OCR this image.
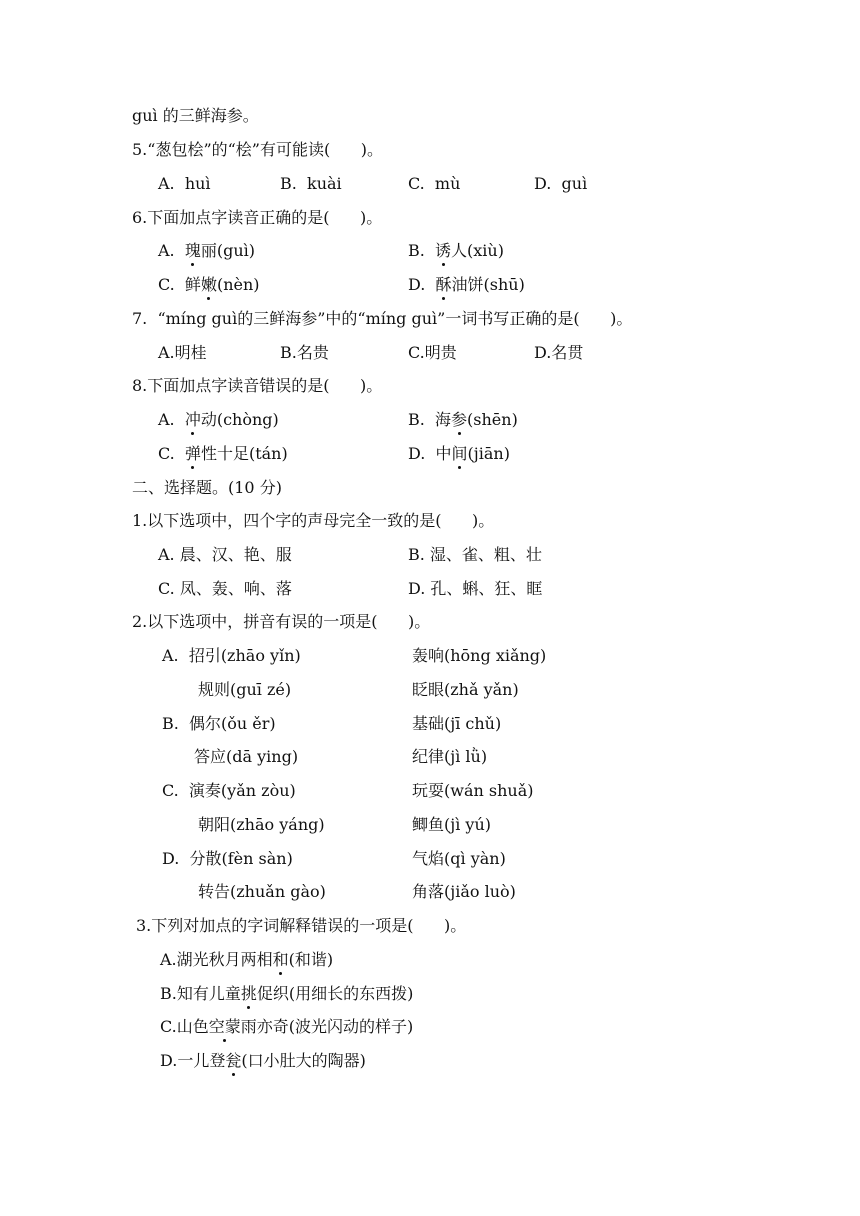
guì 的三鲜海参。
5.“葱包桧”的“桧”有可能读(      )。
A.  huì	B.  kuài	C.  mù	D.  guì
6.下面加点字读音正确的是(      )。
A.  瑰丽(guì)	B.  诱人(xiù)
C.  鲜嫩(nèn)	D.  酥油饼(shū)
7.  “míng guì的三鲜海参”中的“míng guì”一词书写正确的是(      )。
A.明桂	B.名贵	C.明贵	D.名贯
8.下面加点字读音错误的是(      )。
A.  冲动(chòng)	B.  海参(shēn)
C.  弹性十足(tán)	D.  中间(jiān)
二、选择题。(10 分)
1.以下选项中，四个字的声母完全一致的是(      )。
A. 晨、汉、艳、服	B. 湿、雀、粗、壮
C. 凤、轰、响、落	D. 孔、蝌、狂、眶
2.以下选项中，拼音有误的一项是(      )。
A.  招引(zhāo yǐn)	轰响(hōng xiǎng)
规则(guī zé)	眨眼(zhǎ yǎn)
B.  偶尔(ǒu ěr)	基础(jī chǔ)
答应(dā ying)	纪律(jì lǜ)
C.  演奏(yǎn zòu)	玩耍(wán shuǎ)
朝阳(zhāo yáng)	鲫鱼(jì yú)
D.  分散(fèn sàn)	气焰(qì yàn)
转告(zhuǎn gào)	角落(jiǎo luò)
3.下列对加点的字词解释错误的一项是(      )。
A.湖光秋月两相和(和谐)
B.知有儿童挑促织(用细长的东西拨)
C.山色空蒙雨亦奇(波光闪动的样子)
D.一儿登瓮(口小肚大的陶器)
